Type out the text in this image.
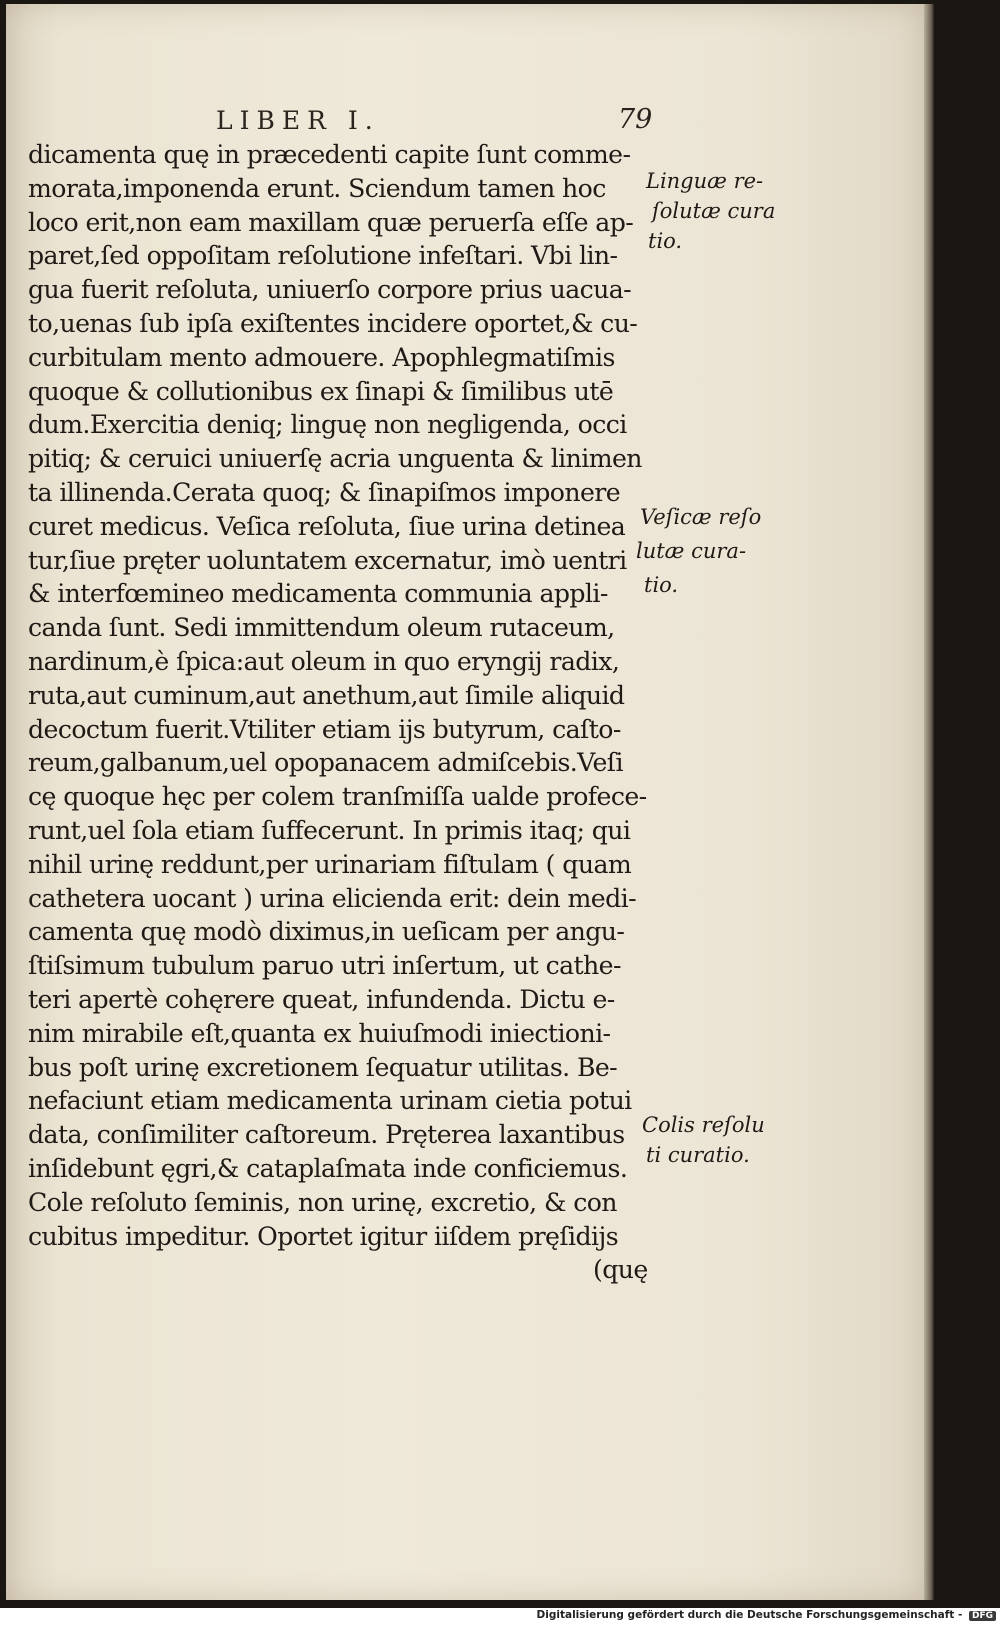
LIBER I.	79
dicamenta quę in præcedenti capite ſunt comme-
morata,imponenda erunt. Sciendum tamen hoc
loco erit,non eam maxillam quæ peruerſa eſſe ap-
paret,ſed oppoſitam reſolutione infeſtari. Vbi lin-
gua fuerit reſoluta, uniuerſo corpore prius uacua-
to,uenas ſub ipſa exiſtentes incidere oportet,& cu-
curbitulam mento admouere. Apophlegmatiſmis
quoque & collutionibus ex ſinapi & ſimilibus utē
dum.Exercitia deniq; linguę non negligenda, occi
pitiq; & ceruici uniuerſę acria unguenta & linimen
ta illinenda.Cerata quoq; & ſinapiſmos imponere
curet medicus. Veſica reſoluta, ſiue urina detinea
tur,ſiue pręter uoluntatem excernatur, imò uentri
& interfœmineo medicamenta communia appli-
canda ſunt. Sedi immittendum oleum rutaceum,
nardinum,è ſpica:aut oleum in quo eryngij radix,
ruta,aut cuminum,aut anethum,aut ſimile aliquid
decoctum fuerit.Vtiliter etiam ijs butyrum, caſto-
reum,galbanum,uel opopanacem admiſcebis.Veſi
cę quoque hęc per colem tranſmiſſa ualde profece-
runt,uel ſola etiam ſuffecerunt. In primis itaq; qui
nihil urinę reddunt,per urinariam fiſtulam ( quam
cathetera uocant ) urina elicienda erit: dein medi-
camenta quę modò diximus,in ueſicam per angu-
ſtiſsimum tubulum paruo utri inſertum, ut cathe-
teri apertè cohęrere queat, infundenda. Dictu e-
nim mirabile eſt,quanta ex huiuſmodi iniectioni-
bus poſt urinę excretionem ſequatur utilitas. Be-
nefaciunt etiam medicamenta urinam cietia potui
data, conſimiliter caſtoreum. Pręterea laxantibus
inſidebunt ęgri,& cataplaſmata inde conficiemus.
Cole reſoluto ſeminis, non urinę, excretio, & con
cubitus impeditur. Oportet igitur iiſdem pręſidijs
(quę
Linguæ re-
ſolutæ cura
tio.
Veſicæ reſo
lutæ cura-
tio.
Colis reſolu
ti curatio.
Digitalisierung gefördert durch die Deutsche Forschungsgemeinschaft - DFG
